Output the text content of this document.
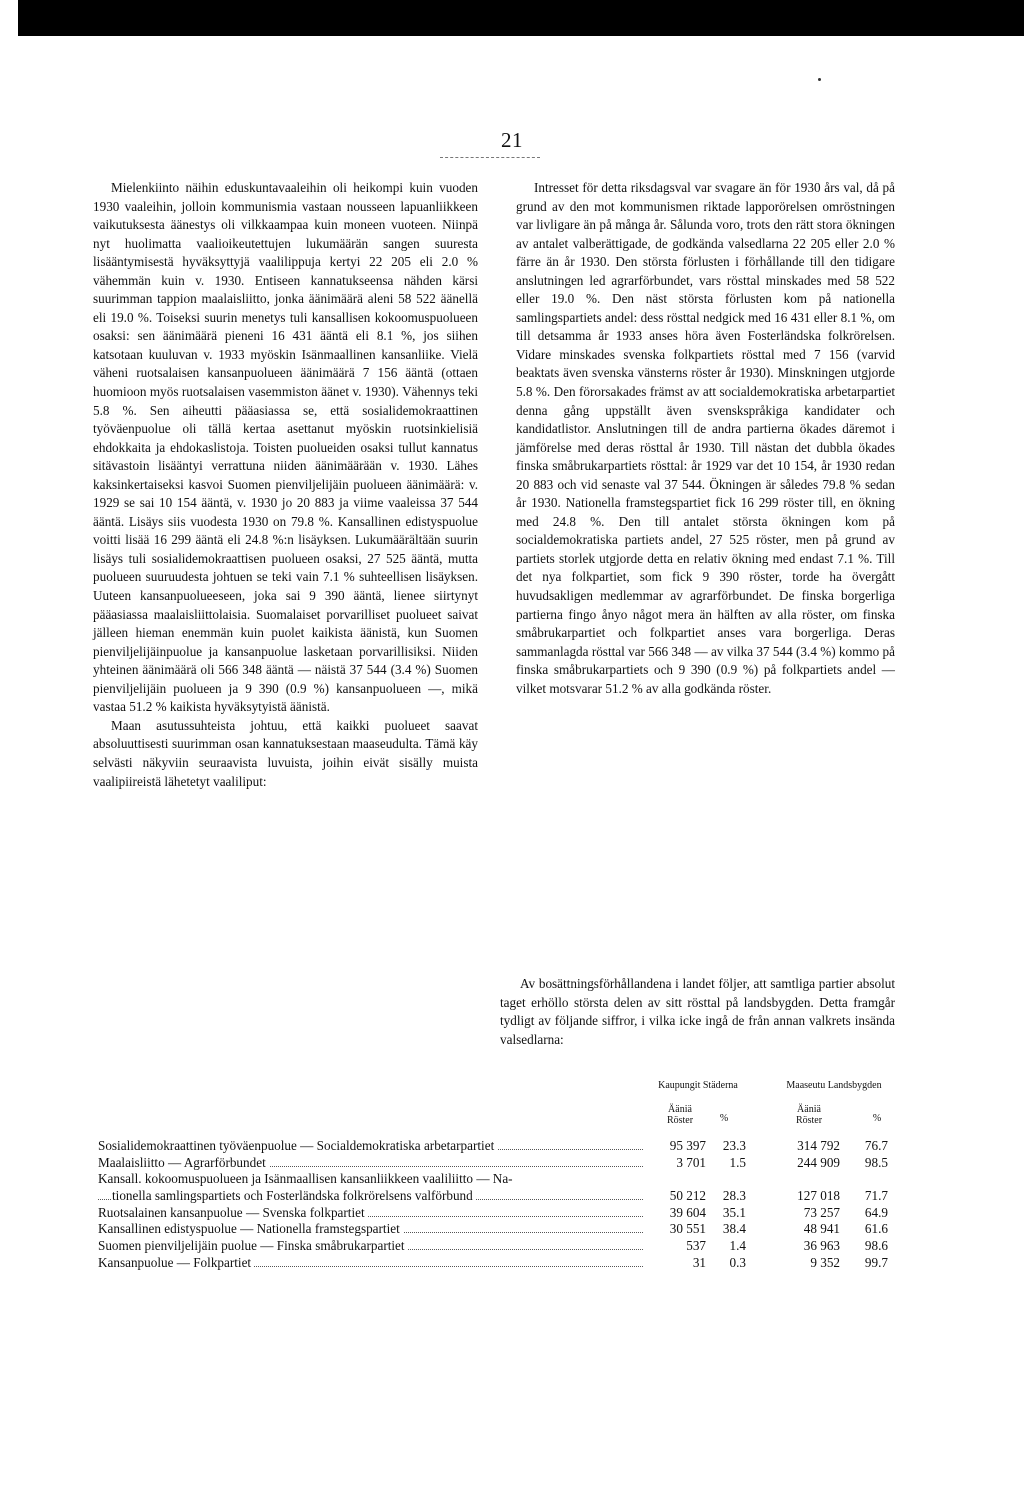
21

Mielenkiinto näihin eduskuntavaaleihin oli heikompi kuin vuoden 1930 vaaleihin, jolloin kommunismia vastaan nousseen lapuanliikkeen vaikutuksesta äänestys oli vilkkaampaa kuin moneen vuoteen. Niinpä nyt huolimatta vaalioikeutettujen lukumäärän sangen suuresta lisääntymisestä hyväksyttyjä vaalilippuja kertyi 22 205 eli 2.0 % vähemmän kuin v. 1930. Entiseen kannatukseensa nähden kärsi suurimman tappion maalaisliitto, jonka äänimäärä aleni 58 522 äänellä eli 19.0 %. Toiseksi suurin menetys tuli kansallisen kokoomuspuolueen osaksi: sen äänimäärä pieneni 16 431 ääntä eli 8.1 %, jos siihen katsotaan kuuluvan v. 1933 myöskin Isänmaallinen kansanliike. Vielä väheni ruotsalaisen kansanpuolueen äänimäärä 7 156 ääntä (ottaen huomioon myös ruotsalaisen vasemmiston äänet v. 1930). Vähennys teki 5.8 %. Sen aiheutti pääasiassa se, että sosialidemokraattinen työväenpuolue oli tällä kertaa asettanut myöskin ruotsinkielisiä ehdokkaita ja ehdokaslistoja. Toisten puolueiden osaksi tullut kannatus sitävastoin lisääntyi verrattuna niiden äänimäärään v. 1930. Lähes kaksinkertaiseksi kasvoi Suomen pienviljelijäin puolueen äänimäärä: v. 1929 se sai 10 154 ääntä, v. 1930 jo 20 883 ja viime vaaleissa 37 544 ääntä. Lisäys siis vuodesta 1930 on 79.8 %. Kansallinen edistyspuolue voitti lisää 16 299 ääntä eli 24.8 %:n lisäyksen. Lukumäärältään suurin lisäys tuli sosialidemokraattisen puolueen osaksi, 27 525 ääntä, mutta puolueen suuruudesta johtuen se teki vain 7.1 % suhteellisen lisäyksen. Uuteen kansanpuolueeseen, joka sai 9 390 ääntä, lienee siirtynyt pääasiassa maalaisliittolaisia. Suomalaiset porvarilliset puolueet saivat jälleen hieman enemmän kuin puolet kaikista äänistä, kun Suomen pienviljelijäinpuolue ja kansanpuolue lasketaan porvarillisiksi. Niiden yhteinen äänimäärä oli 566 348 ääntä — näistä 37 544 (3.4 %) Suomen pienviljelijäin puolueen ja 9 390 (0.9 %) kansanpuolueen —, mikä vastaa 51.2 % kaikista hyväksytyistä äänistä.

Maan asutussuhteista johtuu, että kaikki puolueet saavat absoluuttisesti suurimman osan kannatuksestaan maaseudulta. Tämä käy selvästi näkyviin seuraavista luvuista, joihin eivät sisälly muista vaalipiireistä lähetetyt vaaliliput:

Intresset för detta riksdagsval var svagare än för 1930 års val, då på grund av den mot kommunismen riktade lapporörelsen omröstningen var livligare än på många år. Sålunda voro, trots den rätt stora ökningen av antalet valberättigade, de godkända valsedlarna 22 205 eller 2.0 % färre än år 1930. Den största förlusten i förhållande till den tidigare anslutningen led agrarförbundet, vars rösttal minskades med 58 522 eller 19.0 %. Den näst största förlusten kom på nationella samlingspartiets andel: dess rösttal nedgick med 16 431 eller 8.1 %, om till detsamma år 1933 anses höra även Fosterländska folkrörelsen. Vidare minskades svenska folkpartiets rösttal med 7 156 (varvid beaktats även svenska vänsterns röster år 1930). Minskningen utgjorde 5.8 %. Den förorsakades främst av att socialdemokratiska arbetarpartiet denna gång uppställt även svenskspråkiga kandidater och kandidatlistor. Anslutningen till de andra partierna ökades däremot i jämförelse med deras rösttal år 1930. Till nästan det dubbla ökades finska småbrukarpartiets rösttal: år 1929 var det 10 154, år 1930 redan 20 883 och vid senaste val 37 544. Ökningen är således 79.8 % sedan år 1930. Nationella framstegspartiet fick 16 299 röster till, en ökning med 24.8 %. Den till antalet största ökningen kom på socialdemokratiska partiets andel, 27 525 röster, men på grund av partiets storlek utgjorde detta en relativ ökning med endast 7.1 %. Till det nya folkpartiet, som fick 9 390 röster, torde ha övergått huvudsakligen medlemmar av agrarförbundet. De finska borgerliga partierna fingo ånyo något mera än hälften av alla röster, om finska småbrukarpartiet och folkpartiet anses vara borgerliga. Deras sammanlagda rösttal var 566 348 — av vilka 37 544 (3.4 %) kommo på finska småbrukarpartiets och 9 390 (0.9 %) på folkpartiets andel — vilket motsvarar 51.2 % av alla godkända röster.

Av bosättningsförhållandena i landet följer, att samtliga partier absolut taget erhöllo största delen av sitt rösttal på landsbygden. Detta framgår tydligt av följande siffror, i vilka icke ingå de från annan valkrets insända valsedlarna:

Kaupungit Städerna	Maaseutu Landsbygden
Ääniä Röster	%
Ääniä Röster	%
Sosialidemokraattinen työväenpuolue — Socialdemokratiska arbetarpartiet	95 397	23.3	314 792	76.7
Maalaisliitto — Agrarförbundet	3 701	1.5	244 909	98.5
Kansall. kokoomuspuolueen ja Isänmaallisen kansanliikkeen vaaliliitto — Na-
tionella samlingspartiets och Fosterländska folkrörelsens valförbund	50 212	28.3	127 018	71.7
Ruotsalainen kansanpuolue — Svenska folkpartiet	39 604	35.1	73 257	64.9
Kansallinen edistyspuolue — Nationella framstegspartiet	30 551	38.4	48 941	61.6
Suomen pienviljelijäin puolue — Finska småbrukarpartiet	537	1.4	36 963	98.6
Kansanpuolue — Folkpartiet	31	0.3	9 352	99.7
